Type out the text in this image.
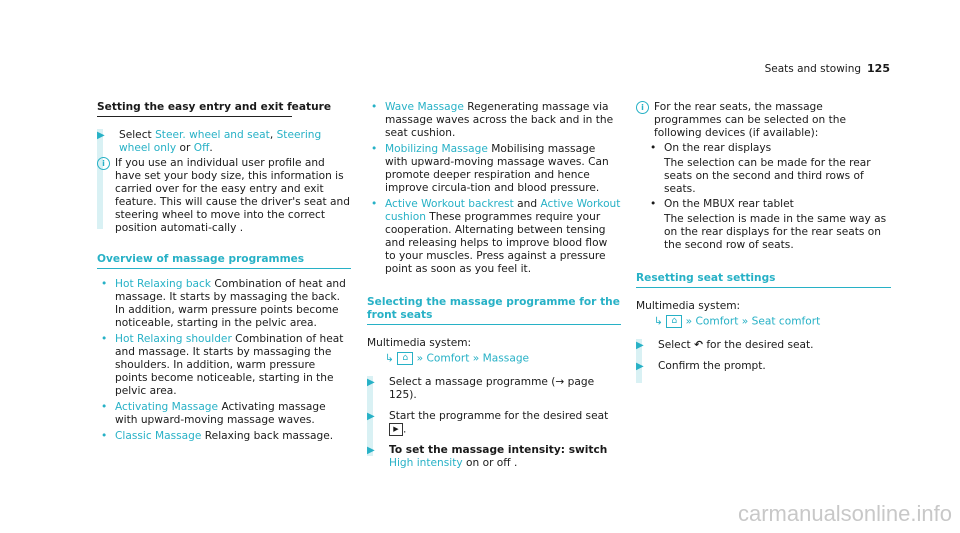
Seats and stowing 125
Setting the easy entry and exit feature
▶ Select Steer. wheel and seat, Steering wheel only or Off.
i If you use an individual user profile and have set your body size, this information is carried over for the easy entry and exit feature. This will cause the driver's seat and steering wheel to move into the correct position automati-cally .
Overview of massage programmes
• Hot Relaxing back Combination of heat and massage. It starts by massaging the back. In addition, warm pressure points become noticeable, starting in the pelvic area.
• Hot Relaxing shoulder Combination of heat and massage. It starts by massaging the shoulders. In addition, warm pressure points become noticeable, starting in the pelvic area.
• Activating Massage Activating massage with upward-moving massage waves.
• Classic Massage Relaxing back massage.
• Wave Massage Regenerating massage via massage waves across the back and in the seat cushion.
• Mobilizing Massage Mobilising massage with upward-moving massage waves. Can promote deeper respiration and hence improve circula-tion and blood pressure.
• Active Workout backrest and Active Workout cushion These programmes require your cooperation. Alternating between tensing and releasing helps to improve blood flow to your muscles. Press against a pressure point as soon as you feel it.
Selecting the massage programme for the front seats
Multimedia system:
↳ ⌂ » Comfort » Massage
▶ Select a massage programme (→ page 125).
▶ Start the programme for the desired seat ▶ .
▶ To set the massage intensity: switch High intensity on or off .
i For the rear seats, the massage programmes can be selected on the following devices (if available):
• On the rear displays
The selection can be made for the rear seats on the second and third rows of seats.
• On the MBUX rear tablet
The selection is made in the same way as on the rear displays for the rear seats on the second row of seats.
Resetting seat settings
Multimedia system:
↳ ⌂ » Comfort » Seat comfort
▶ Select ↶ for the desired seat.
▶ Confirm the prompt.
carmanualsonline.info
